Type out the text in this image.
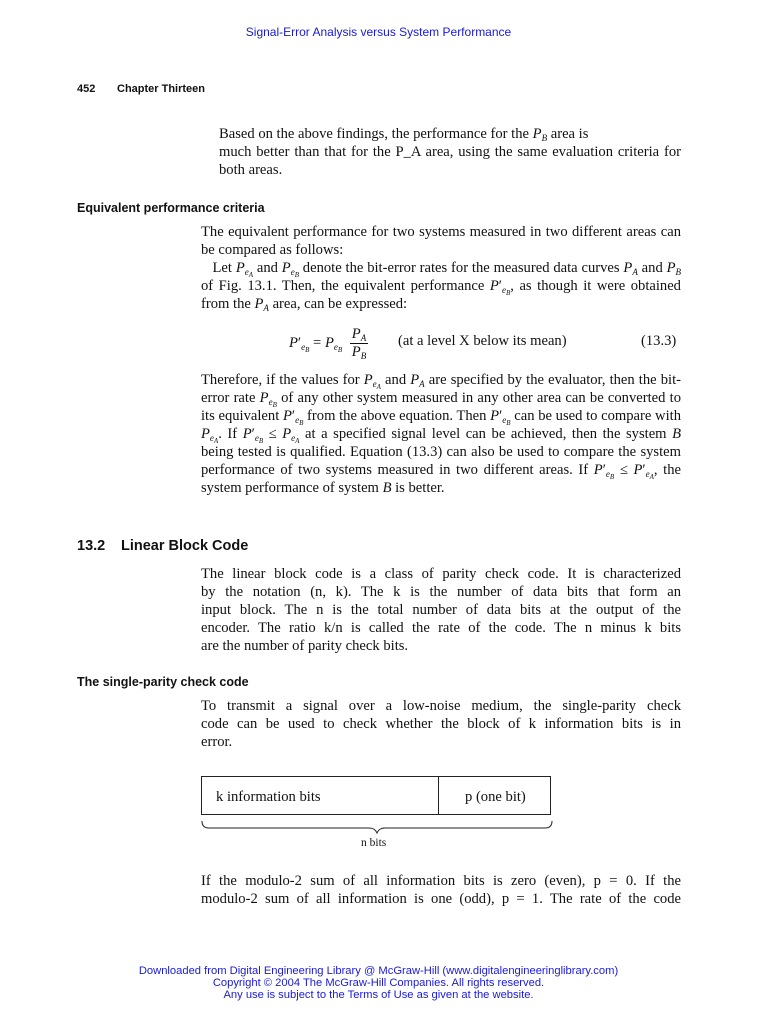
Signal-Error Analysis versus System Performance
452 Chapter Thirteen

Based on the above findings, the performance for the $P_B$ area is
much better than that for the P_A area, using the same evaluation criteria for both areas.

Equivalent performance criteria

The equivalent performance for two systems measured in two different areas can be compared as follows:
Let $P_{e_A}$ and $P_{e_B}$ denote the bit-error rates for the measured data curves $P_A$ and $P_B$ of Fig. 13.1. Then, the equivalent performance $P'_{e_B}$, as though it were obtained from the $P_A$ area, can be expressed:

$P'_{e_B} = P_{e_B} \frac{P_A}{P_B} (at$ a level X below its mean)	(13.3)

Therefore, if the values for $P_{e_A}$ and $P_A$ are specified by the evaluator, then the bit-error rate $P_{e_B}$ of any other system measured in any other area can be converted to its equivalent $P'_{e_B}$ from the above equation. Then $P'_{e_B}$ can be used to compare with $P_{e_A}$. If $P'_{e_B} \le P_{e_A}$ at a specified signal level can be achieved, then the system B being tested is qualified. Equation (13.3) can also be used to compare the system performance of two systems measured in two different areas. If $P'_{e_B} \le P'_{e_A}$, the system performance of system B is better.

13.2 Linear Block Code
The linear block code is a class of parity check code. It is characterized
by the notation (n, k). The k is the number of data bits that form an
input block. The n is the total number of data bits at the output of the
encoder. The ratio k/n is called the rate of the code. The n minus k bits
are the number of parity check bits.
The single-parity check code
To transmit a signal over a low-noise medium, the single-parity check
code can be used to check whether the block of k information bits is in
error.
k information bits	p (one bit)
n bits
If the modulo-2 sum of all information bits is zero (even), p = 0. If the
modulo-2 sum of all information is one (odd), p = 1. The rate of the code
Downloaded from Digital Engineering Library @ McGraw-Hill (www.digitalengineeringlibrary.com)
Copyright © 2004 The McGraw-Hill Companies. All rights reserved.
Any use is subject to the Terms of Use as given at the website.
